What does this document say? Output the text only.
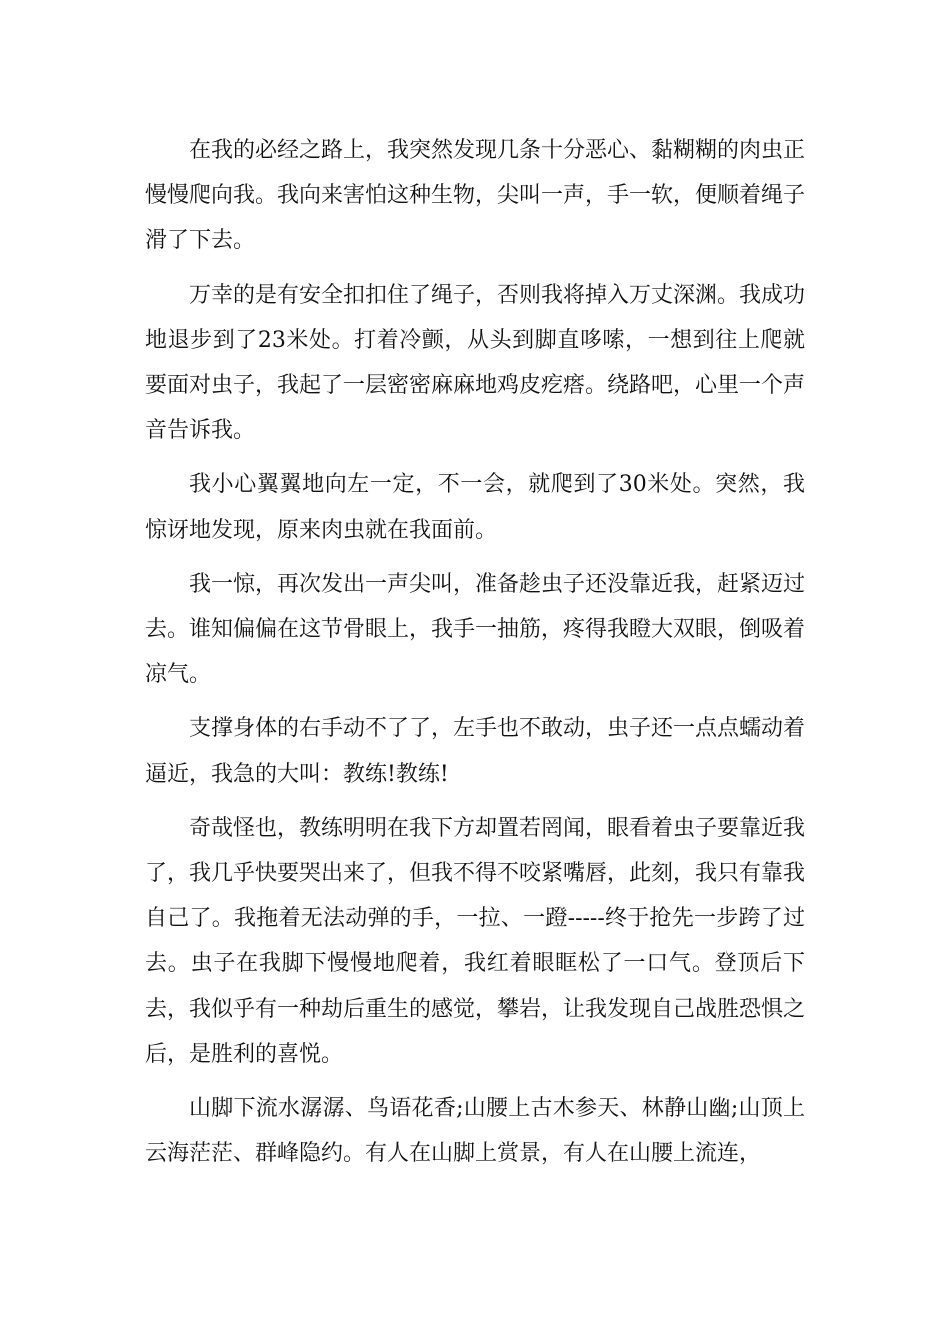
在我的必经之路上，我突然发现几条十分恶心、黏糊糊的肉虫正慢慢爬向我。我向来害怕这种生物，尖叫一声，手一软，便顺着绳子滑了下去。

万幸的是有安全扣扣住了绳子，否则我将掉入万丈深渊。我成功地退步到了23米处。打着冷颤，从头到脚直哆嗦，一想到往上爬就要面对虫子，我起了一层密密麻麻地鸡皮疙瘩。绕路吧，心里一个声音告诉我。

我小心翼翼地向左一定，不一会，就爬到了30米处。突然，我惊讶地发现，原来肉虫就在我面前。

我一惊，再次发出一声尖叫，准备趁虫子还没靠近我，赶紧迈过去。谁知偏偏在这节骨眼上，我手一抽筋，疼得我瞪大双眼，倒吸着凉气。

支撑身体的右手动不了了，左手也不敢动，虫子还一点点蠕动着逼近，我急的大叫：教练!教练!

奇哉怪也，教练明明在我下方却置若罔闻，眼看着虫子要靠近我了，我几乎快要哭出来了，但我不得不咬紧嘴唇，此刻，我只有靠我自己了。我拖着无法动弹的手，一拉、一蹬-----终于抢先一步跨了过去。虫子在我脚下慢慢地爬着，我红着眼眶松了一口气。登顶后下去，我似乎有一种劫后重生的感觉，攀岩，让我发现自己战胜恐惧之后，是胜利的喜悦。

山脚下流水潺潺、鸟语花香;山腰上古木参天、林静山幽;山顶上云海茫茫、群峰隐约。有人在山脚上赏景，有人在山腰上流连，
